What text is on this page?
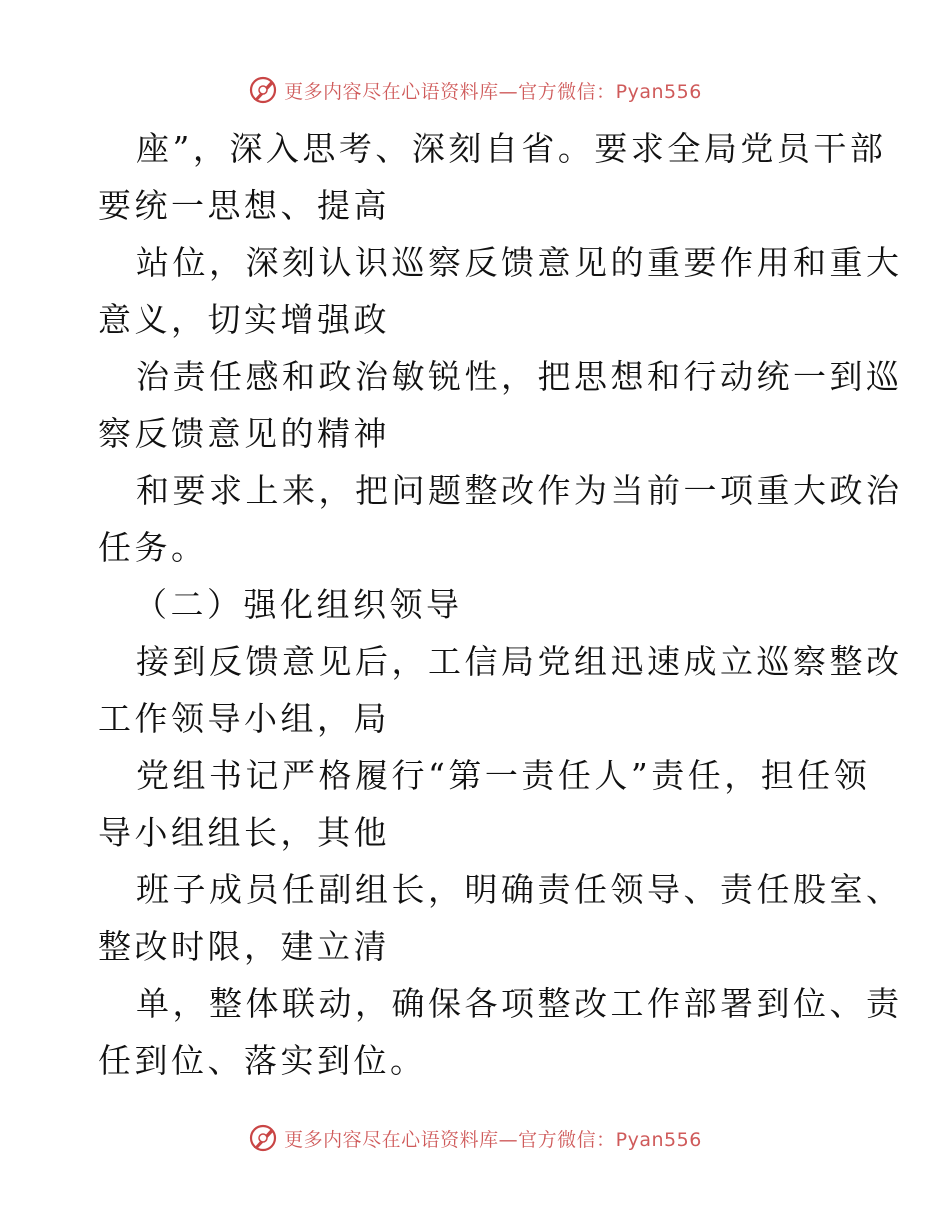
更多内容尽在心语资料库—官方微信：Pyan556
座”，深入思考、深刻自省。要求全局党员干部
要统一思想、提高
站位，深刻认识巡察反馈意见的重要作用和重大
意义，切实增强政
治责任感和政治敏锐性，把思想和行动统一到巡
察反馈意见的精神
和要求上来，把问题整改作为当前一项重大政治
任务。
（二）强化组织领导
接到反馈意见后，工信局党组迅速成立巡察整改
工作领导小组，局
党组书记严格履行“第一责任人”责任，担任领
导小组组长，其他
班子成员任副组长，明确责任领导、责任股室、
整改时限，建立清
单，整体联动，确保各项整改工作部署到位、责
任到位、落实到位。
更多内容尽在心语资料库—官方微信：Pyan556
